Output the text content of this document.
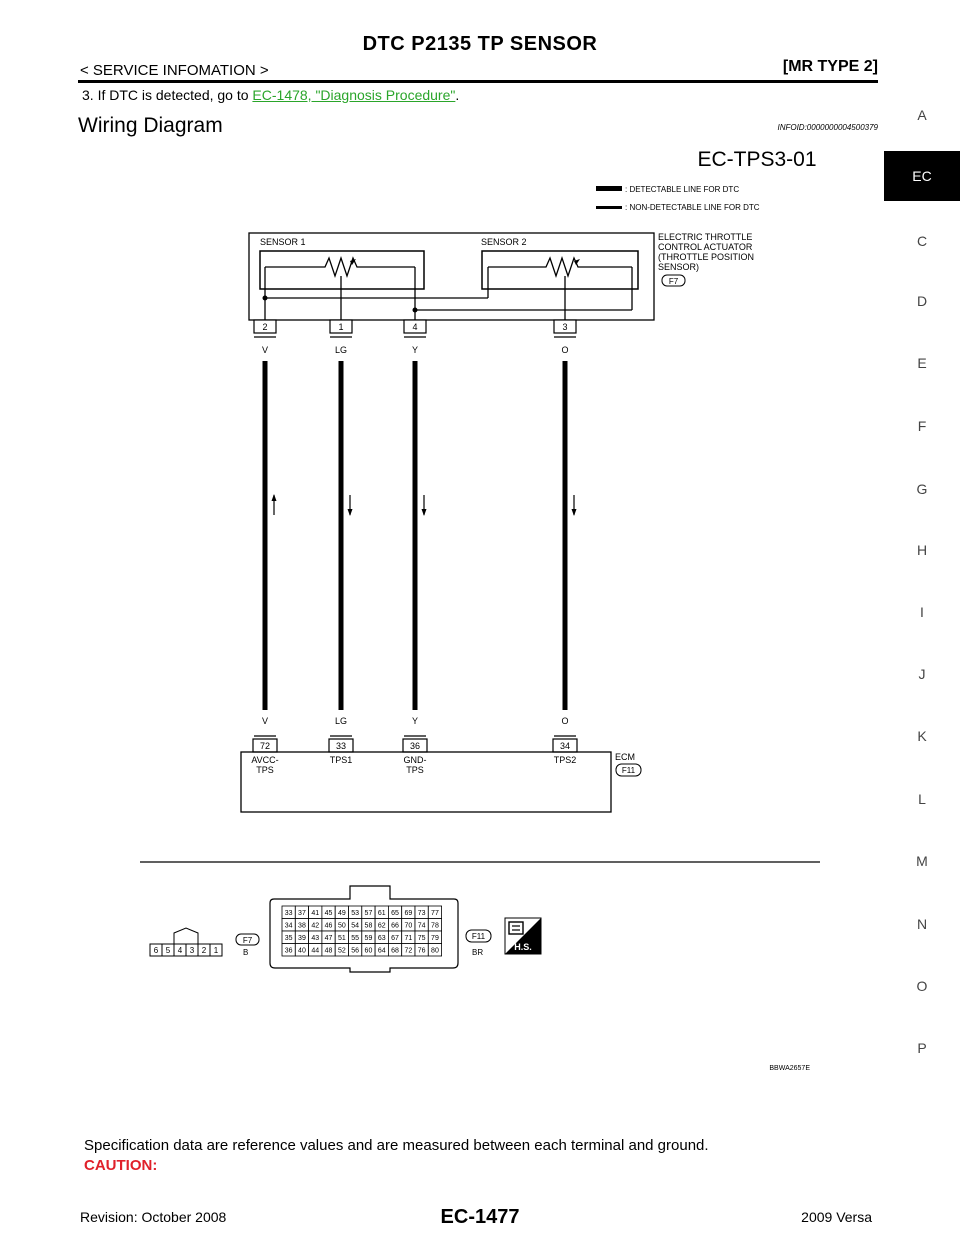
DTC P2135 TP SENSOR
< SERVICE INFOMATION >	[MR TYPE 2]
3. If DTC is detected, go to EC-1478, "Diagnosis Procedure".
Wiring Diagram	INFOID:0000000004500379
A
EC
C
D
E
F
G
H
I
J
K
L
M
N
O
P
EC-TPS3-01
: DETECTABLE LINE FOR DTC
: NON-DETECTABLE LINE FOR DTC
SENSOR 1	SENSOR 2	ELECTRIC THROTTLE
CONTROL ACTUATOR
(THROTTLE POSITION
SENSOR)
F7
2
V
1
LG
4
Y
3
O
V
72
LG
33
Y
36
O
34
AVCC-
TPS
TPS1	GND-
TPS
TPS2	ECM
F11
6 5 4 3 2 1
F7
B
33 37 41 45 49 53 57 61 65 69 73 77
34 38 42 46 50 54 58 62 66 70 74 78
35 39 43 47 51 55 59 63 67 71 75 79
36 40 44 48 52 56 60 64 68 72 76 80
F11
BR
H.S.
BBWA2657E
Specification data are reference values and are measured between each terminal and ground.
CAUTION:
Revision: October 2008	EC-1477	2009 Versa
